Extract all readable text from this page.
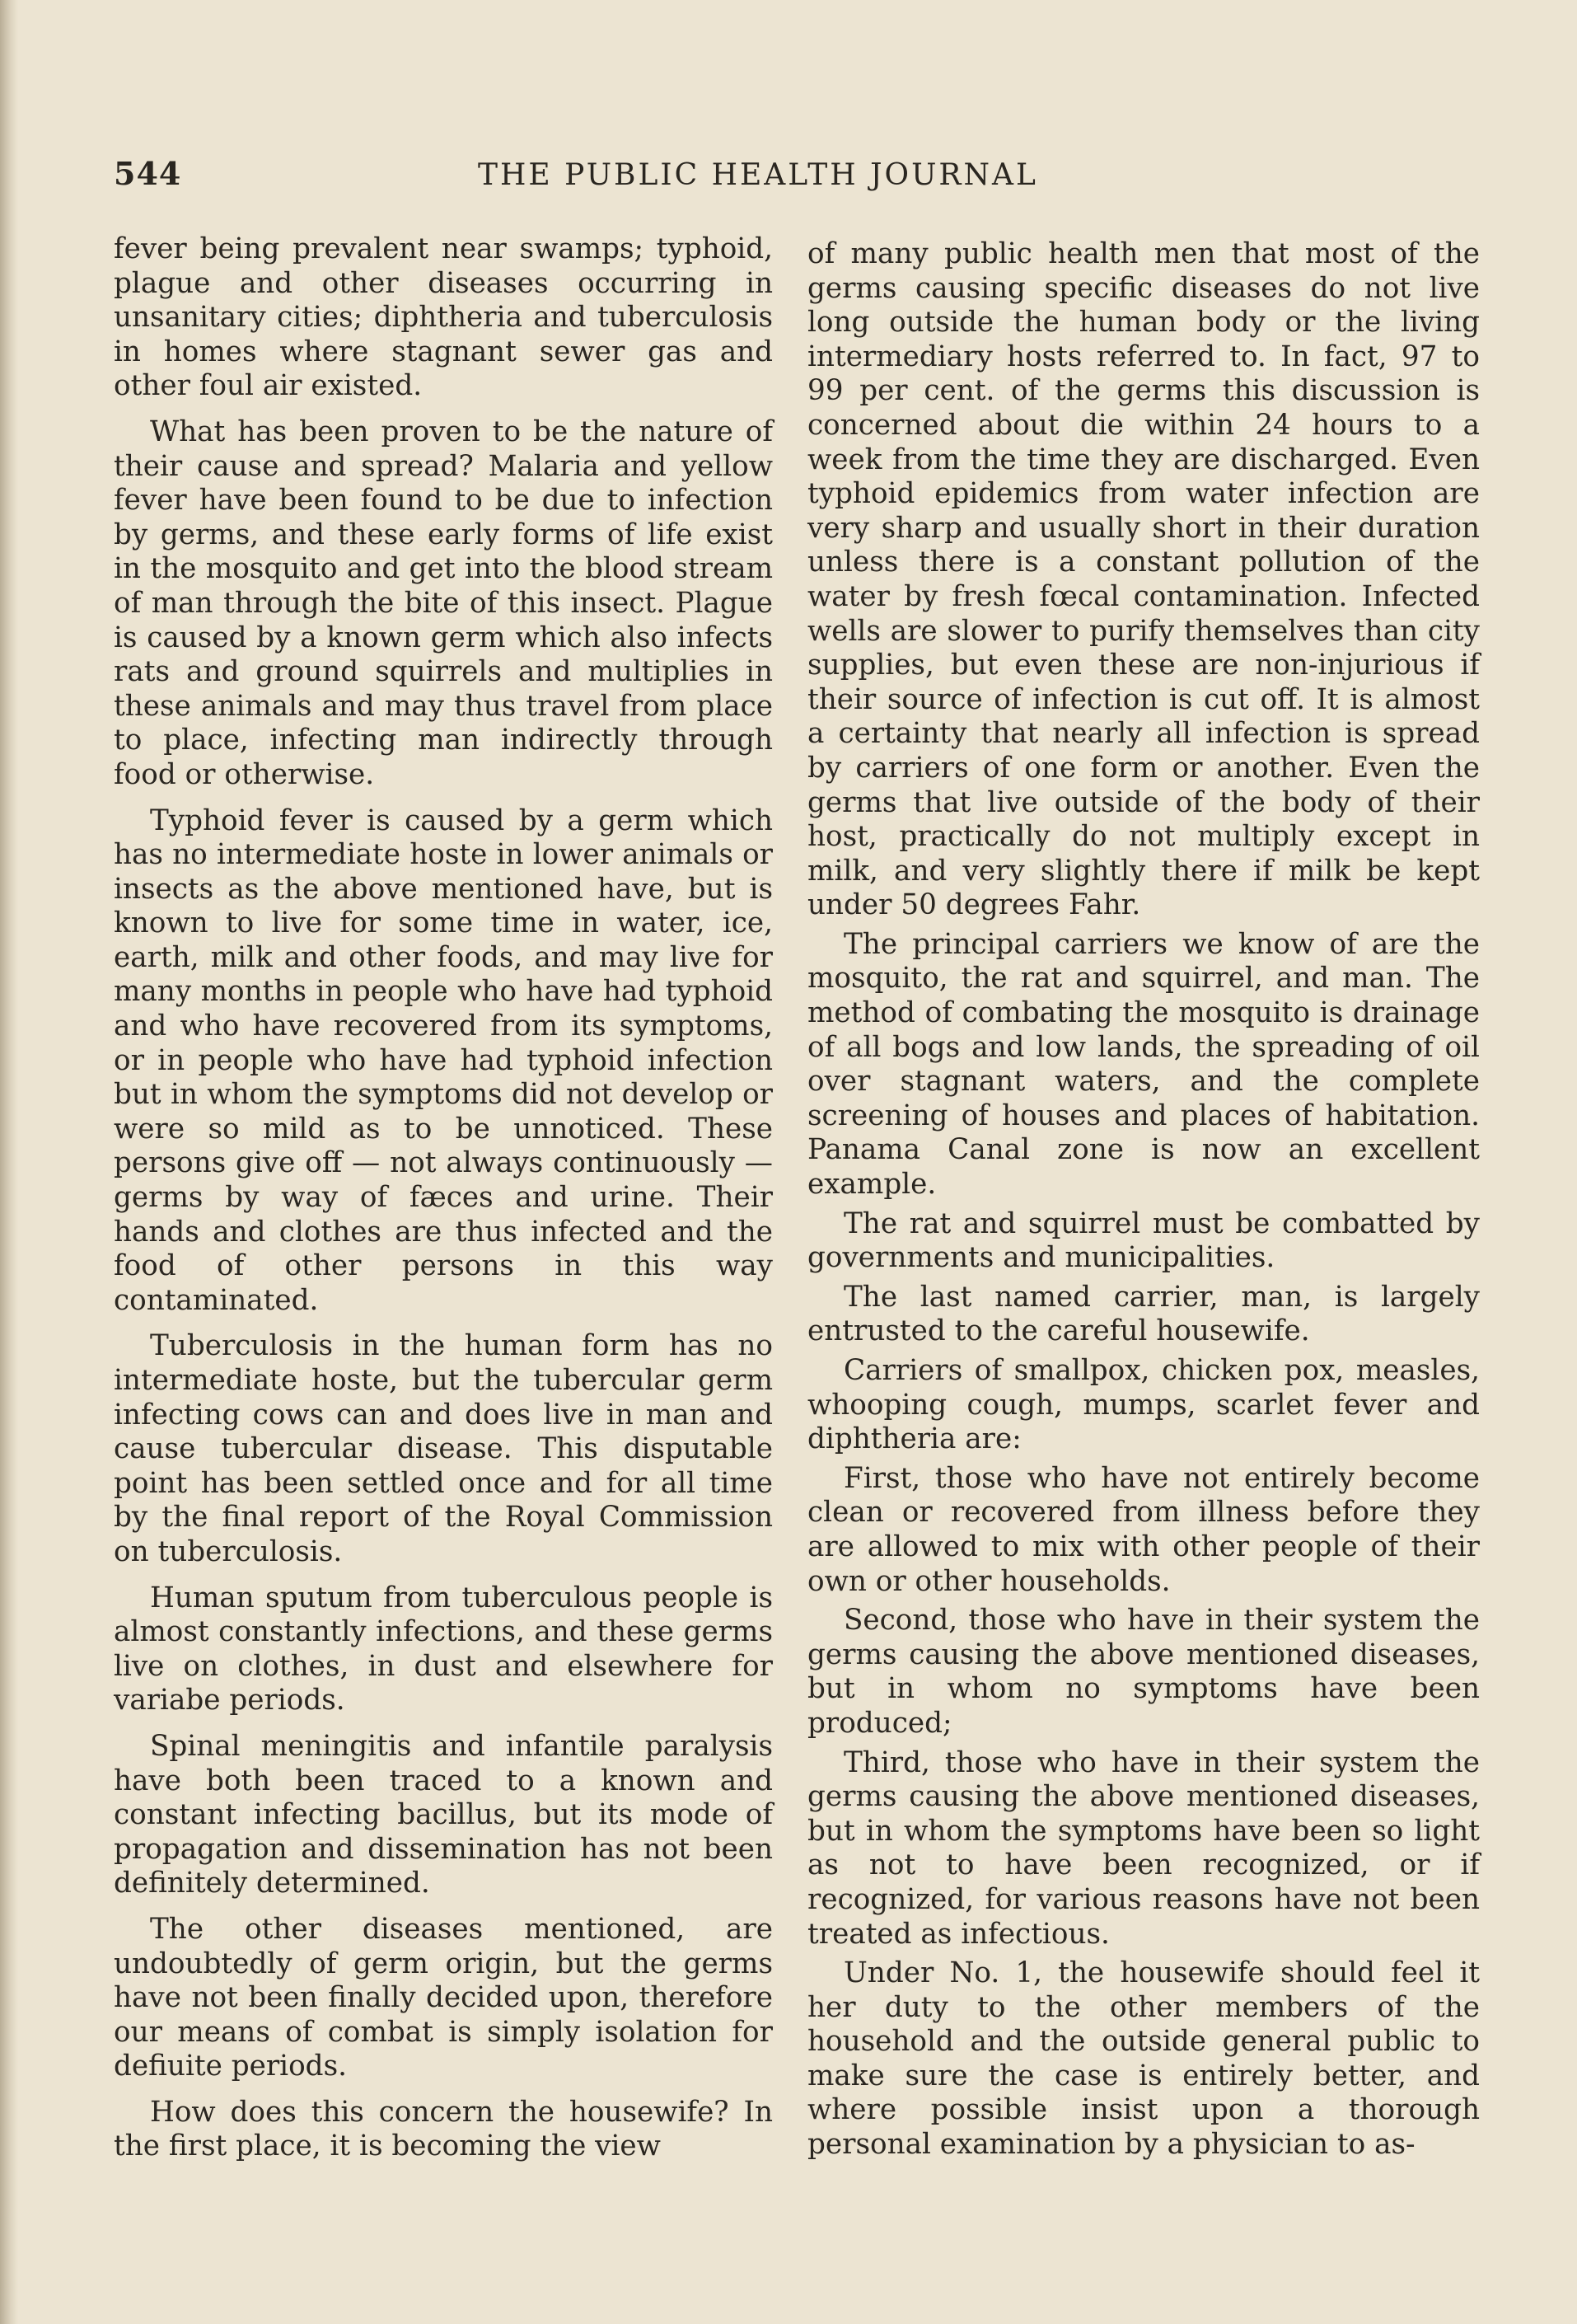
544	THE PUBLIC HEALTH JOURNAL

fever being prevalent near swamps; typhoid, plague and other diseases occurring in unsanitary cities; diphtheria and tuberculosis in homes where stagnant sewer gas and other foul air existed.

What has been proven to be the nature of their cause and spread? Malaria and yellow fever have been found to be due to infection by germs, and these early forms of life exist in the mosquito and get into the blood stream of man through the bite of this insect. Plague is caused by a known germ which also infects rats and ground squirrels and multiplies in these animals and may thus travel from place to place, infecting man indirectly through food or otherwise.

Typhoid fever is caused by a germ which has no intermediate hoste in lower animals or insects as the above mentioned have, but is known to live for some time in water, ice, earth, milk and other foods, and may live for many months in people who have had typhoid and who have recovered from its symptoms, or in people who have had typhoid infection but in whom the symptoms did not develop or were so mild as to be unnoticed. These persons give off — not always continuously — germs by way of fæces and urine. Their hands and clothes are thus infected and the food of other persons in this way contaminated.

Tuberculosis in the human form has no intermediate hoste, but the tubercular germ infecting cows can and does live in man and cause tubercular disease. This disputable point has been settled once and for all time by the final report of the Royal Commission on tuberculosis.

Human sputum from tuberculous people is almost constantly infections, and these germs live on clothes, in dust and elsewhere for variabe periods.

Spinal meningitis and infantile paralysis have both been traced to a known and constant infecting bacillus, but its mode of propagation and dissemination has not been definitely determined.

The other diseases mentioned, are undoubtedly of germ origin, but the germs have not been finally decided upon, therefore our means of combat is simply isolation for defiuite periods.

How does this concern the housewife? In the first place, it is becoming the view

of many public health men that most of the germs causing specific diseases do not live long outside the human body or the living intermediary hosts referred to. In fact, 97 to 99 per cent. of the germs this discussion is concerned about die within 24 hours to a week from the time they are discharged. Even typhoid epidemics from water infection are very sharp and usually short in their duration unless there is a constant pollution of the water by fresh fœcal contamination. Infected wells are slower to purify themselves than city supplies, but even these are non-injurious if their source of infection is cut off. It is almost a certainty that nearly all infection is spread by carriers of one form or another. Even the germs that live outside of the body of their host, practically do not multiply except in milk, and very slightly there if milk be kept under 50 degrees Fahr.

The principal carriers we know of are the mosquito, the rat and squirrel, and man. The method of combating the mosquito is drainage of all bogs and low lands, the spreading of oil over stagnant waters, and the complete screening of houses and places of habitation. Panama Canal zone is now an excellent example.

The rat and squirrel must be combatted by governments and municipalities.

The last named carrier, man, is largely entrusted to the careful housewife.

Carriers of smallpox, chicken pox, measles, whooping cough, mumps, scarlet fever and diphtheria are:

First, those who have not entirely become clean or recovered from illness before they are allowed to mix with other people of their own or other households.

Second, those who have in their system the germs causing the above mentioned diseases, but in whom no symptoms have been produced;

Third, those who have in their system the germs causing the above mentioned diseases, but in whom the symptoms have been so light as not to have been recognized, or if recognized, for various reasons have not been treated as infectious.

Under No. 1, the housewife should feel it her duty to the other members of the household and the outside general public to make sure the case is entirely better, and where possible insist upon a thorough personal examination by a physician to as-
